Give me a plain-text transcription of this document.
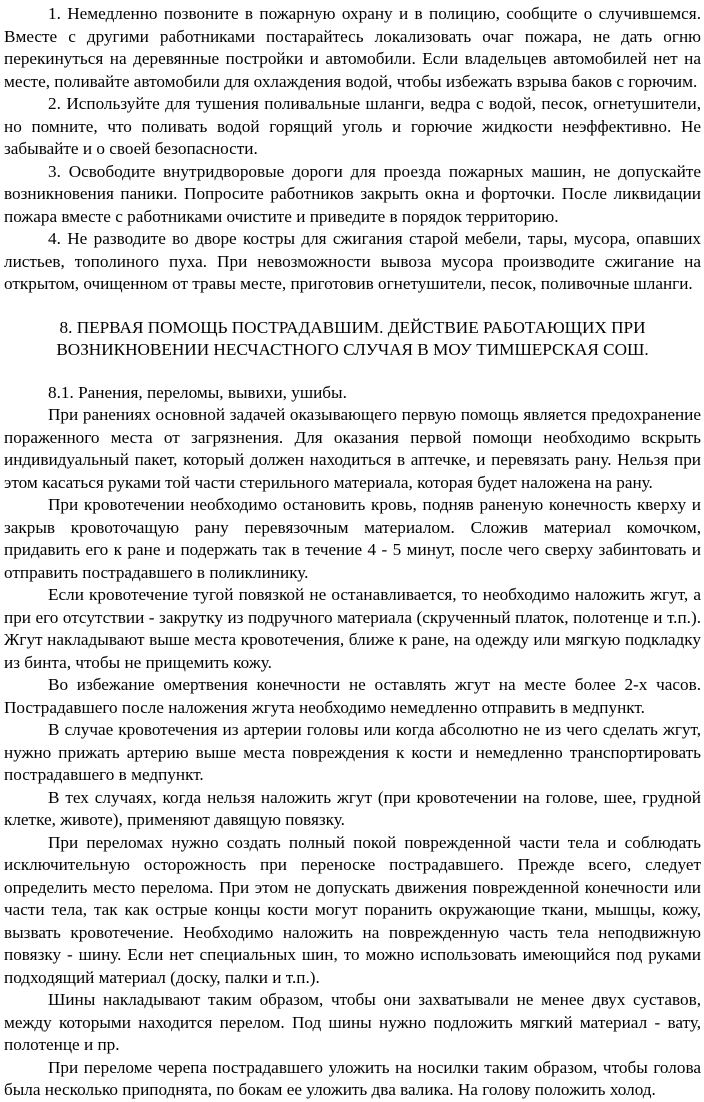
1. Немедленно позвоните в пожарную охрану и в полицию, сообщите о случившемся. Вместе с другими работниками постарайтесь локализовать очаг пожара, не дать огню перекинуться на деревянные постройки и автомобили. Если владельцев автомобилей нет на месте, поливайте автомобили для охлаждения водой, чтобы избежать взрыва баков с горючим.

2. Используйте для тушения поливальные шланги, ведра с водой, песок, огнетушители, но помните, что поливать водой горящий уголь и горючие жидкости неэффективно. Не забывайте и о своей безопасности.

3. Освободите внутридворовые дороги для проезда пожарных машин, не допускайте возникновения паники. Попросите работников закрыть окна и форточки. После ликвидации пожара вместе с работниками очистите и приведите в порядок территорию.

4. Не разводите во дворе костры для сжигания старой мебели, тары, мусора, опавших листьев, тополиного пуха. При невозможности вывоза мусора производите сжигание на открытом, очищенном от травы месте, приготовив огнетушители, песок, поливочные шланги.

8. ПЕРВАЯ ПОМОЩЬ ПОСТРАДАВШИМ. ДЕЙСТВИЕ РАБОТАЮЩИХ ПРИ
ВОЗНИКНОВЕНИИ НЕСЧАСТНОГО СЛУЧАЯ В МОУ ТИМШЕРСКАЯ СОШ.

8.1. Ранения, переломы, вывихи, ушибы.

При ранениях основной задачей оказывающего первую помощь является предохранение пораженного места от загрязнения. Для оказания первой помощи необходимо вскрыть индивидуальный пакет, который должен находиться в аптечке, и перевязать рану. Нельзя при этом касаться руками той части стерильного материала, которая будет наложена на рану.

При кровотечении необходимо остановить кровь, подняв раненую конечность кверху и закрыв кровоточащую рану перевязочным материалом. Сложив материал комочком, придавить его к ране и подержать так в течение 4 - 5 минут, после чего сверху забинтовать и отправить пострадавшего в поликлинику.

Если кровотечение тугой повязкой не останавливается, то необходимо наложить жгут, а при его отсутствии - закрутку из подручного материала (скрученный платок, полотенце и т.п.). Жгут накладывают выше места кровотечения, ближе к ране, на одежду или мягкую подкладку из бинта, чтобы не прищемить кожу.

Во избежание омертвения конечности не оставлять жгут на месте более 2-х часов. Пострадавшего после наложения жгута необходимо немедленно отправить в медпункт.

В случае кровотечения из артерии головы или когда абсолютно не из чего сделать жгут, нужно прижать артерию выше места повреждения к кости и немедленно транспортировать пострадавшего в медпункт.

В тех случаях, когда нельзя наложить жгут (при кровотечении на голове, шее, грудной клетке, животе), применяют давящую повязку.

При переломах нужно создать полный покой поврежденной части тела и соблюдать исключительную осторожность при переноске пострадавшего. Прежде всего, следует определить место перелома. При этом не допускать движения поврежденной конечности или части тела, так как острые концы кости могут поранить окружающие ткани, мышцы, кожу, вызвать кровотечение. Необходимо наложить на поврежденную часть тела неподвижную повязку - шину. Если нет специальных шин, то можно использовать имеющийся под руками подходящий материал (доску, палки и т.п.).

Шины накладывают таким образом, чтобы они захватывали не менее двух суставов, между которыми находится перелом. Под шины нужно подложить мягкий материал - вату, полотенце и пр.

При переломе черепа пострадавшего уложить на носилки таким образом, чтобы голова была несколько приподнята, по бокам ее уложить два валика. На голову положить холод.
